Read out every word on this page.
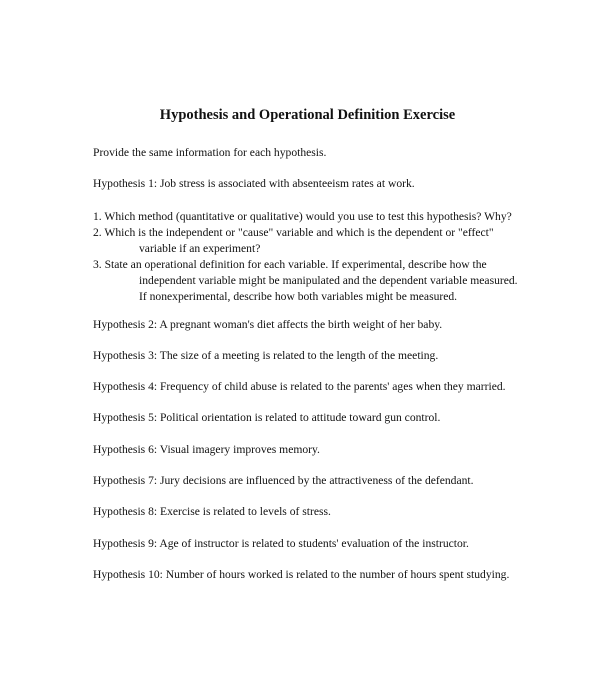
Hypothesis and Operational Definition Exercise
Provide the same information for each hypothesis.
Hypothesis 1: Job stress is associated with absenteeism rates at work.
1. Which method (quantitative or qualitative) would you use to test this hypothesis? Why?
2. Which is the independent or "cause" variable and which is the dependent or "effect"
variable if an experiment?
3. State an operational definition for each variable. If experimental, describe how the
independent variable might be manipulated and the dependent variable measured.
If nonexperimental, describe how both variables might be measured.
Hypothesis 2: A pregnant woman's diet affects the birth weight of her baby.
Hypothesis 3: The size of a meeting is related to the length of the meeting.
Hypothesis 4: Frequency of child abuse is related to the parents' ages when they married.
Hypothesis 5: Political orientation is related to attitude toward gun control.
Hypothesis 6: Visual imagery improves memory.
Hypothesis 7: Jury decisions are influenced by the attractiveness of the defendant.
Hypothesis 8: Exercise is related to levels of stress.
Hypothesis 9: Age of instructor is related to students' evaluation of the instructor.
Hypothesis 10: Number of hours worked is related to the number of hours spent studying.
